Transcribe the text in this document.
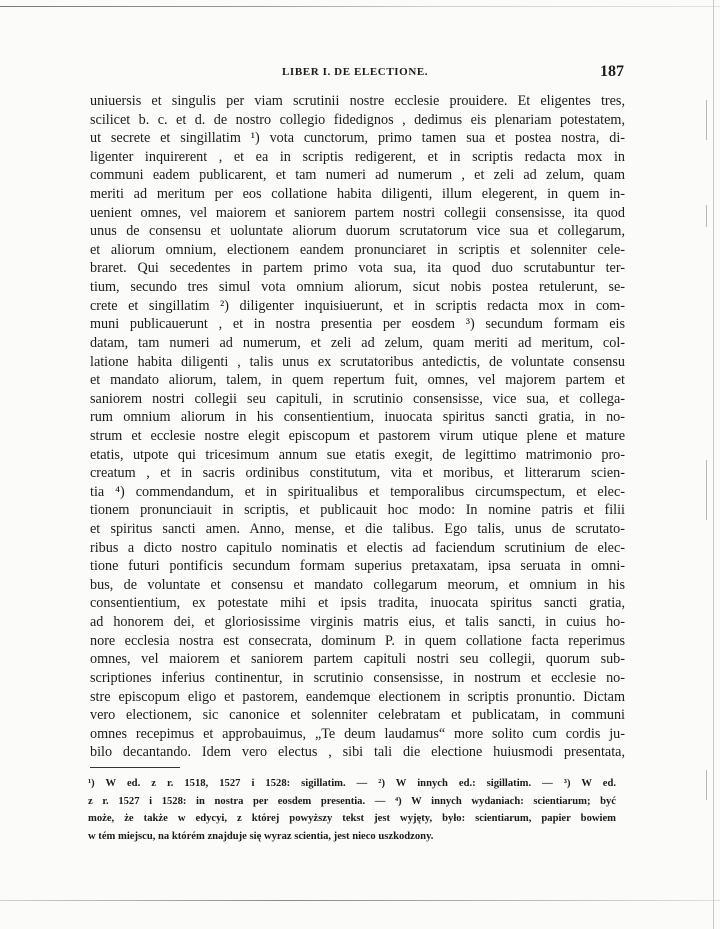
LIBER I. DE ELECTIONE.	187
uniuersis et singulis per viam scrutinii nostre ecclesie prouidere. Et eligentes tres,
scilicet b. c. et d. de nostro collegio fidedignos , dedimus eis plenariam potestatem,
ut secrete et singillatim ¹) vota cunctorum, primo tamen sua et postea nostra, di-
ligenter inquirerent , et ea in scriptis redigerent, et in scriptis redacta mox in
communi eadem publicarent, et tam numeri ad numerum , et zeli ad zelum, quam
meriti ad meritum per eos collatione habita diligenti, illum elegerent, in quem in-
uenient omnes, vel maiorem et saniorem partem nostri collegii consensisse, ita quod
unus de consensu et uoluntate aliorum duorum scrutatorum vice sua et collegarum,
et aliorum omnium, electionem eandem pronunciaret in scriptis et solenniter cele-
braret. Qui secedentes in partem primo vota sua, ita quod duo scrutabuntur ter-
tium, secundo tres simul vota omnium aliorum, sicut nobis postea retulerunt, se-
crete et singillatim ²) diligenter inquisiuerunt, et in scriptis redacta mox in com-
muni publicauerunt , et in nostra presentia per eosdem ³) secundum formam eis
datam, tam numeri ad numerum, et zeli ad zelum, quam meriti ad meritum, col-
latione habita diligenti , talis unus ex scrutatoribus antedictis, de voluntate consensu
et mandato aliorum, talem, in quem repertum fuit, omnes, vel majorem partem et
saniorem nostri collegii seu capituli, in scrutinio consensisse, vice sua, et collega-
rum omnium aliorum in his consentientium, inuocata spiritus sancti gratia, in no-
strum et ecclesie nostre elegit episcopum et pastorem virum utique plene et mature
etatis, utpote qui tricesimum annum sue etatis exegit, de legittimo matrimonio pro-
creatum , et in sacris ordinibus constitutum, vita et moribus, et litterarum scien-
tia ⁴) commendandum, et in spiritualibus et temporalibus circumspectum, et elec-
tionem pronunciauit in scriptis, et publicauit hoc modo: In nomine patris et filii
et spiritus sancti amen. Anno, mense, et die talibus. Ego talis, unus de scrutato-
ribus a dicto nostro capitulo nominatis et electis ad faciendum scrutinium de elec-
tione futuri pontificis secundum formam superius pretaxatam, ipsa seruata in omni-
bus, de voluntate et consensu et mandato collegarum meorum, et omnium in his
consentientium, ex potestate mihi et ipsis tradita, inuocata spiritus sancti gratia,
ad honorem dei, et gloriosissime virginis matris eius, et talis sancti, in cuius ho-
nore ecclesia nostra est consecrata, dominum P. in quem collatione facta reperimus
omnes, vel maiorem et saniorem partem capituli nostri seu collegii, quorum sub-
scriptiones inferius continentur, in scrutinio consensisse, in nostrum et ecclesie no-
stre episcopum eligo et pastorem, eandemque electionem in scriptis pronuntio. Dictam
vero electionem, sic canonice et solenniter celebratam et publicatam, in communi
omnes recepimus et approbauimus, „Te deum laudamus“ more solito cum cordis ju-
bilo decantando. Idem vero electus , sibi tali die electione huiusmodi presentata,
¹) W ed. z r. 1518, 1527 i 1528: sigillatim. — ²) W innych ed.: sigillatim. — ³) W ed.
z r. 1527 i 1528: in nostra per eosdem presentia. — ⁴) W innych wydaniach: scientiarum; być
może, że także w edycyi, z której powyższy tekst jest wyjęty, było: scientiarum, papier bowiem
w tém miejscu, na którém znajduje się wyraz scientia, jest nieco uszkodzony.
